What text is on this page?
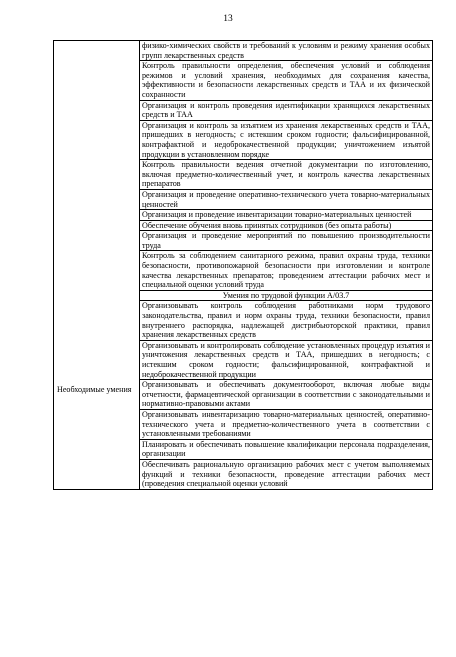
13
	физико-химических свойств и требований к условиям и режиму хранения особых групп лекарственных средств
	Контроль правильности определения, обеспечения условий и соблюдения режимов и условий хранения, необходимых для сохранения качества, эффективности и безопасности лекарственных средств и ТАА и их физической сохранности
	Организация и контроль проведения идентификации хранящихся лекарственных средств и ТАА
	Организация и контроль за изъятием из хранения лекарственных средств и ТАА, пришедших в негодность; с истекшим сроком годности; фальсифицированной, контрафактной и недоброкачественной продукции; уничтожением изъятой продукции в установленном порядке
	Контроль правильности ведения отчетной документации по изготовлению, включая предметно-количественный учет, и контроль качества лекарственных препаратов
	Организация и проведение оперативно-технического учета товарно-материальных ценностей
	Организация и проведение инвентаризации товарно-материальных ценностей
	Обеспечение обучения вновь принятых сотрудников (без опыта работы)
	Организация и проведение мероприятий по повышению производительности труда
	Контроль за соблюдением санитарного режима, правил охраны труда, техники безопасности, противопожарной безопасности при изготовлении и контроле качества лекарственных препаратов; проведением аттестации рабочих мест и специальной оценки условий труда
Необходимые умения	Умения по трудовой функции А/03.7
	Организовывать контроль соблюдения работниками норм трудового законодательства, правил и норм охраны труда, техники безопасности, правил внутреннего распорядка, надлежащей дистрибьюторской практики, правил хранения лекарственных средств
	Организовывать и контролировать соблюдение установленных процедур изъятия и уничтожения лекарственных средств и ТАА, пришедших в негодность; с истекшим сроком годности; фальсифицированной, контрафактной и недоброкачественной продукции
	Организовывать и обеспечивать документооборот, включая любые виды отчетности, фармацевтической организации в соответствии с законодательными и нормативно-правовыми актами
	Организовывать инвентаризацию товарно-материальных ценностей, оперативно-технического учета и предметно-количественного учета в соответствии с установленными требованиями
	Планировать и обеспечивать повышение квалификации персонала подразделения, организации
	Обеспечивать рациональную организацию рабочих мест с учетом выполняемых функций и техники безопасности, проведение аттестации рабочих мест (проведения специальной оценки условий
